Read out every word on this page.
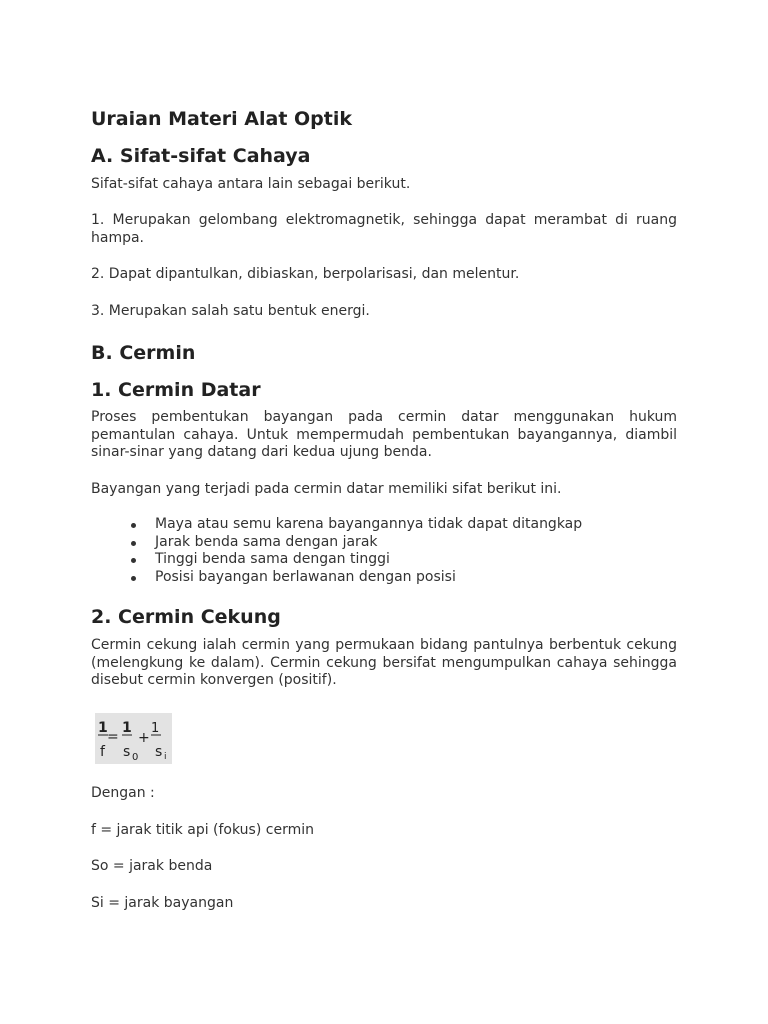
Uraian Materi Alat Optik
A. Sifat-sifat Cahaya

Sifat-sifat cahaya antara lain sebagai berikut.

1. Merupakan gelombang elektromagnetik, sehingga dapat merambat di ruang hampa.

2. Dapat dipantulkan, dibiaskan, berpolarisasi, dan melentur.

3. Merupakan salah satu bentuk energi.

B. Cermin
1. Cermin Datar

Proses pembentukan bayangan pada cermin datar menggunakan hukum pemantulan cahaya. Untuk mempermudah pembentukan bayangannya, diambil sinar-sinar yang datang dari kedua ujung benda.

Bayangan yang terjadi pada cermin datar memiliki sifat berikut ini.

Maya atau semu karena bayangannya tidak dapat ditangkap
Jarak benda sama dengan jarak
Tinggi benda sama dengan tinggi
Posisi bayangan berlawanan dengan posisi
2. Cermin Cekung

Cermin cekung ialah cermin yang permukaan bidang pantulnya berbentuk cekung (melengkung ke dalam). Cermin cekung bersifat mengumpulkan cahaya sehingga disebut cermin konvergen (positif).

1
f
=
1
s 0
+
1
s i

Dengan :

f = jarak titik api (fokus) cermin

So = jarak benda

Si = jarak bayangan
